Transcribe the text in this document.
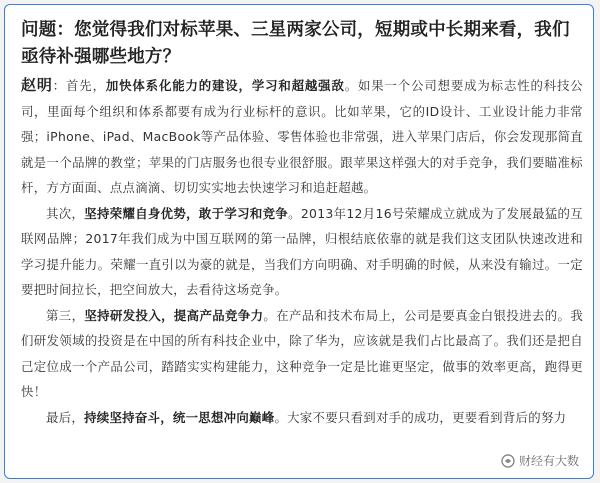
问题：您觉得我们对标苹果、三星两家公司，短期或中长期来看，我们亟待补强哪些地方？

赵明：首先，加快体系化能力的建设，学习和超越强敌。如果一个公司想要成为标志性的科技公司，里面每个组织和体系都要有成为行业标杆的意识。比如苹果，它的ID设计、工业设计能力非常强；iPhone、iPad、MacBook等产品体验、零售体验也非常强，进入苹果门店后，你会发现那简直就是一个品牌的教堂；苹果的门店服务也很专业很舒服。跟苹果这样强大的对手竞争，我们要瞄准标杆，方方面面、点点滴滴、切切实实地去快速学习和追赶超越。

其次，坚持荣耀自身优势，敢于学习和竞争。2013年12月16号荣耀成立就成为了发展最猛的互联网品牌；2017年我们成为中国互联网的第一品牌，归根结底依靠的就是我们这支团队快速改进和学习提升能力。荣耀一直引以为豪的就是，当我们方向明确、对手明确的时候，从来没有输过。一定要把时间拉长，把空间放大，去看待这场竞争。

第三，坚持研发投入，提高产品竞争力。在产品和技术布局上，公司是要真金白银投进去的。我们研发领域的投资是在中国的所有科技企业中，除了华为，应该就是我们占比最高了。我们还是把自己定位成一个产品公司，踏踏实实构建能力，这种竞争一定是比谁更坚定，做事的效率更高，跑得更快！

最后，持续坚持奋斗，统一思想冲向巅峰。大家不要只看到对手的成功，更要看到背后的努力

财经有大数
